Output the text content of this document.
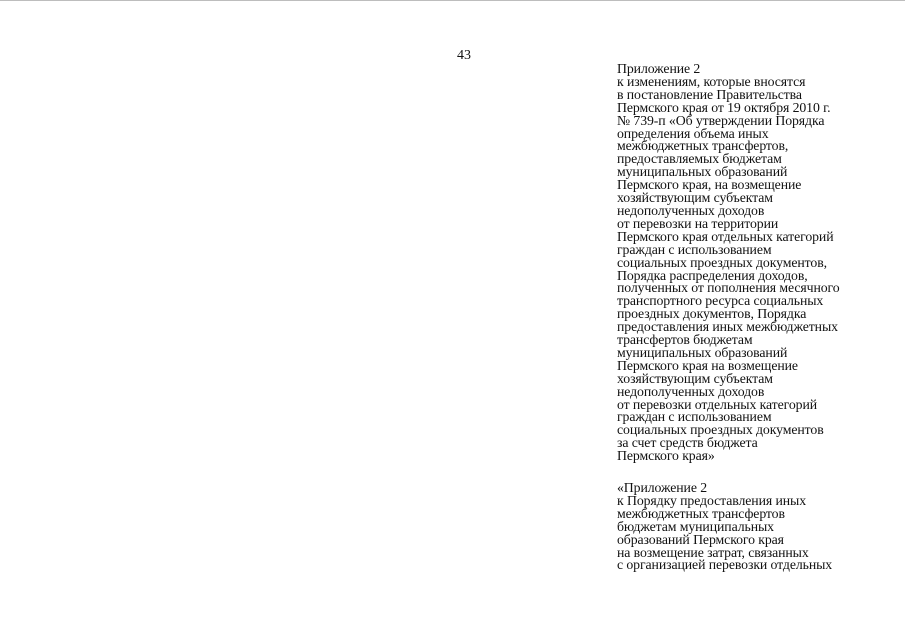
43
Приложение 2
к изменениям, которые вносятся
в постановление Правительства
Пермского края от 19 октября 2010 г.
№ 739-п «Об утверждении Порядка
определения объема иных
межбюджетных трансфертов,
предоставляемых бюджетам
муниципальных образований
Пермского края, на возмещение
хозяйствующим субъектам
недополученных доходов
от перевозки на территории
Пермского края отдельных категорий
граждан с использованием
социальных проездных документов,
Порядка распределения доходов,
полученных от пополнения месячного
транспортного ресурса социальных
проездных документов, Порядка
предоставления иных межбюджетных
трансфертов бюджетам
муниципальных образований
Пермского края на возмещение
хозяйствующим субъектам
недополученных доходов
от перевозки отдельных категорий
граждан с использованием
социальных проездных документов
за счет средств бюджета
Пермского края»
«Приложение 2
к Порядку предоставления иных
межбюджетных трансфертов
бюджетам муниципальных
образований Пермского края
на возмещение затрат, связанных
с организацией перевозки отдельных
